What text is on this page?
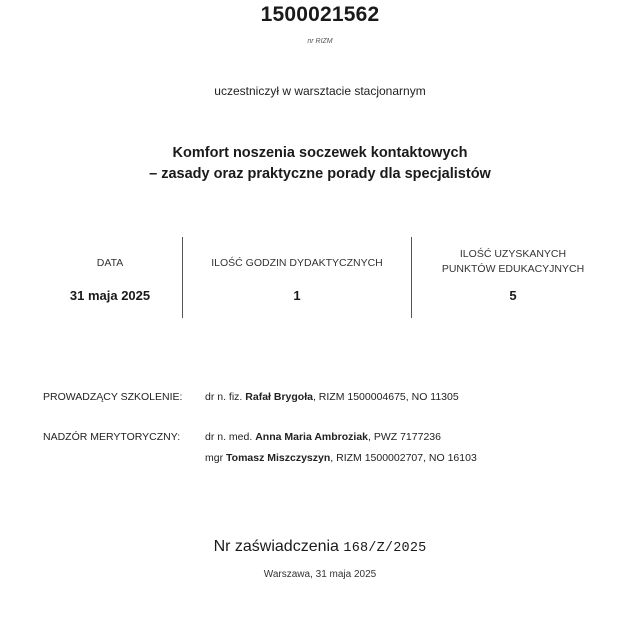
1500021562
nr RIZM
uczestniczył w warsztacie stacjonarnym
Komfort noszenia soczewek kontaktowych
– zasady oraz praktyczne porady dla specjalistów
DATA
31 maja 2025
ILOŚĆ GODZIN DYDAKTYCZNYCH
1
ILOŚĆ UZYSKANYCH
PUNKTÓW EDUKACYJNYCH
5
PROWADZĄCY SZKOLENIE: dr n. fiz. Rafał Brygoła, RIZM 1500004675, NO 11305
NADZÓR MERYTORYCZNY: dr n. med. Anna Maria Ambroziak, PWZ 7177236
mgr Tomasz Miszczyszyn, RIZM 1500002707, NO 16103
Nr zaświadczenia 168/Z/2025
Warszawa, 31 maja 2025
